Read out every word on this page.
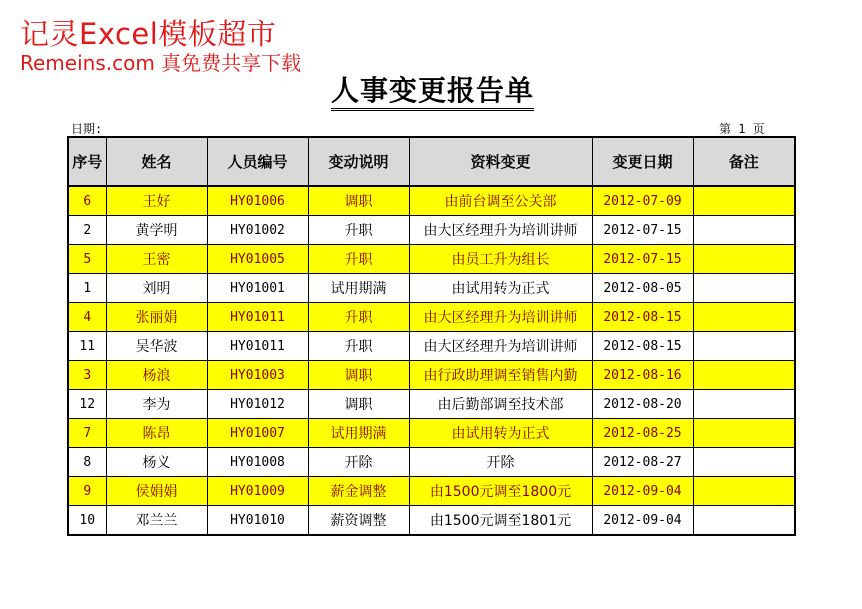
记灵Excel模板超市
Remeins.com 真免费共享下载
人事变更报告单
日期:	第 1 页
序号	姓名	人员编号	变动说明	资料变更	变更日期	备注
6	王好	HY01006	调职	由前台调至公关部	2012-07-09	
2	黄学明	HY01002	升职	由大区经理升为培训讲师	2012-07-15	
5	王密	HY01005	升职	由员工升为组长	2012-07-15	
1	刘明	HY01001	试用期满	由试用转为正式	2012-08-05	
4	张丽娟	HY01011	升职	由大区经理升为培训讲师	2012-08-15	
11	吴华波	HY01011	升职	由大区经理升为培训讲师	2012-08-15	
3	杨浪	HY01003	调职	由行政助理调至销售内勤	2012-08-16	
12	李为	HY01012	调职	由后勤部调至技术部	2012-08-20	
7	陈昂	HY01007	试用期满	由试用转为正式	2012-08-25	
8	杨义	HY01008	开除	开除	2012-08-27	
9	侯娟娟	HY01009	薪金调整	由1500元调至1800元	2012-09-04	
10	邓兰兰	HY01010	薪资调整	由1500元调至1801元	2012-09-04	
